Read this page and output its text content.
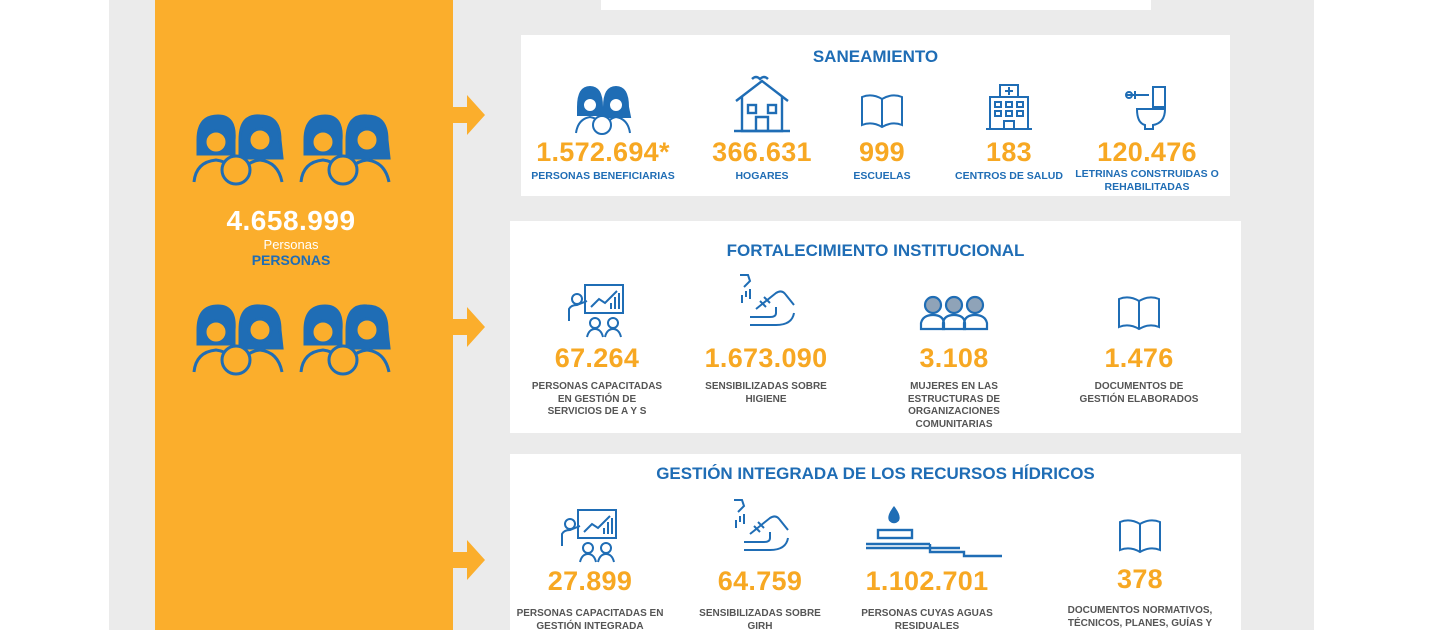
4.658.999
Personas
PERSONAS
SANEAMIENTO
1.572.694*
PERSONAS BENEFICIARIAS
366.631
HOGARES
999
ESCUELAS
183
CENTROS DE SALUD
120.476
LETRINAS CONSTRUIDAS O REHABILITADAS
FORTALECIMIENTO INSTITUCIONAL
67.264
PERSONAS CAPACITADAS EN GESTIÓN DE SERVICIOS DE A Y S
1.673.090
SENSIBILIZADAS SOBRE HIGIENE
3.108
MUJERES EN LAS ESTRUCTURAS DE ORGANIZACIONES COMUNITARIAS
1.476
DOCUMENTOS DE GESTIÓN ELABORADOS
GESTIÓN INTEGRADA DE LOS RECURSOS HÍDRICOS
27.899
PERSONAS CAPACITADAS EN GESTIÓN INTEGRADA
64.759
SENSIBILIZADAS SOBRE GIRH
1.102.701
PERSONAS CUYAS AGUAS RESIDUALES
378
DOCUMENTOS NORMATIVOS, TÉCNICOS, PLANES, GUÍAS Y
